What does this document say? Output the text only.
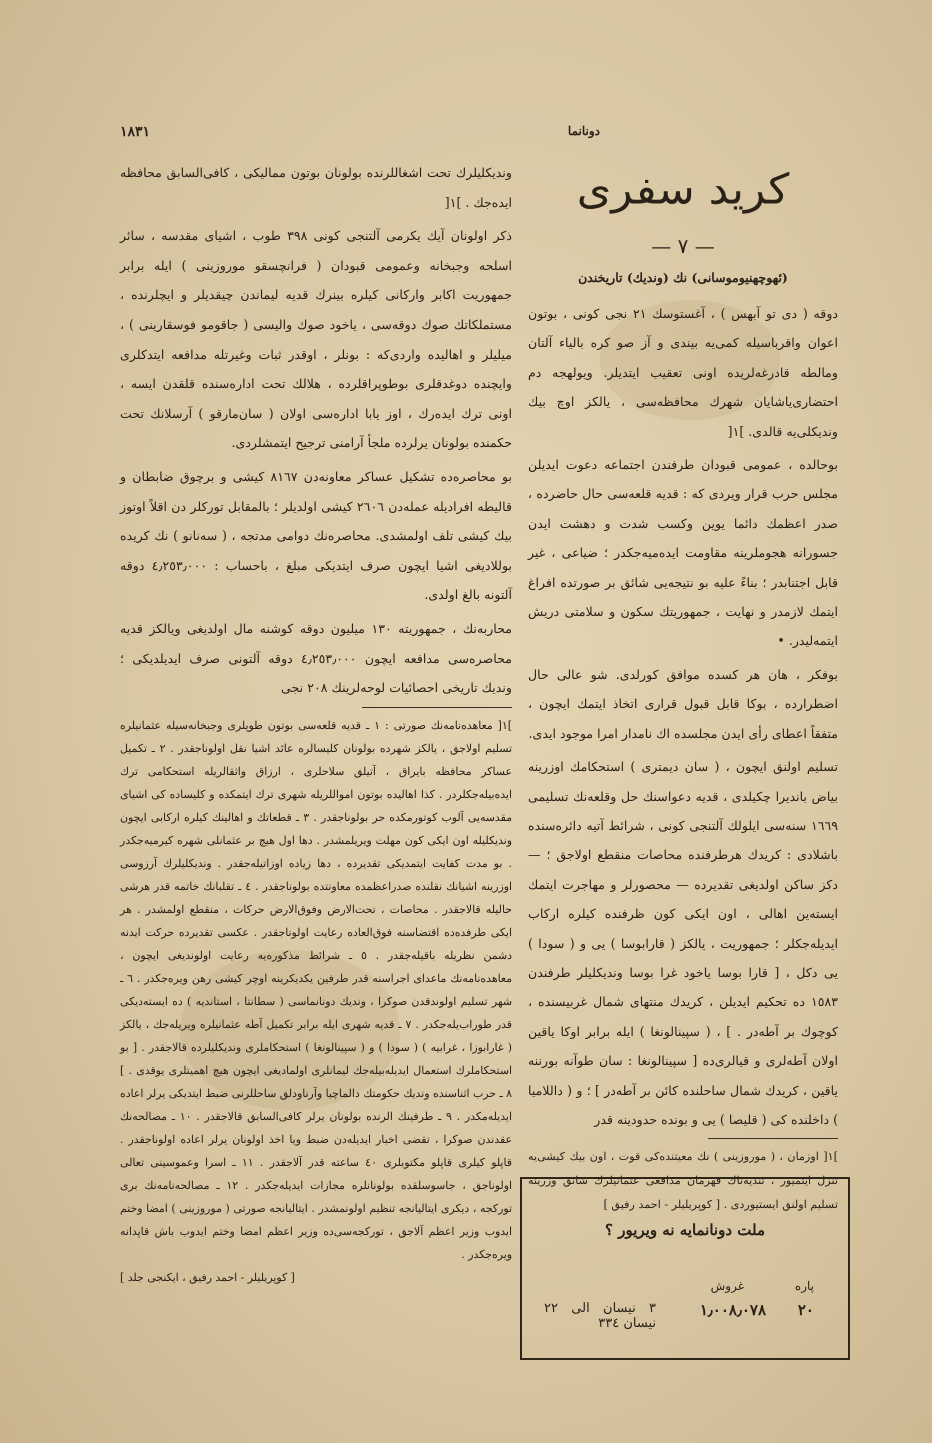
١٨٣١	دونانما
کرید سفری
— ٧ —
(ئهوچهنیوموسانی) نك (ونديك) تاریخندن

دوقه ( دی تو آبهس ) ، آغستوسك ٢١ نجی کونی ، بوتون اعوان واقرباسیله کمی‌یه بیندی و آز صو کره بالیاء آلتان ومالطه قادرغه‌لریده اونی تعقیب ایتدیلر. ویولهجه دم احتضاری‌یاشایان شهرك محافظه‌سی ، یالکز اوچ بیك ونديكلی‌یه قالدی. ]١[

بوحالده ، عمومی قبودان طرفندن اجتماعه دعوت ایدیلن مجلس حرب قرار ویردی که : قدیه قلعه‌سی حال حاضرده ، صدر اعظمك دائما یوین وکسب شدت و دهشت ایدن جسورانه هجوملرینه مقاومت ایده‌میه‌جکدر ؛ ضیاعی ، غیر قابل اجتنابدر ؛ بناءً علیه بو نتیجه‌یی شائق بر صورتده افراغ ایتمك لازمدر و نهایت ، جمهوریتك سکون و سلامتی دریش ایتمه‌لیدر. •

بوفکر ، هان هر کسده موافق کورلدی. شو عالی حال اضطرارده ، بوکا قابل قبول قراری اتخاذ ایتمك ایچون ، متفقاً اعطای رأی ایدن مجلسده اك نامدار امرا موجود ایدی.

تسلیم اولنق ایچون ، ( سان دیمتری ) استحکامك اوزرینه بیاض باندیرا چکیلدی ، قدیه دعواسنك حل وقلعه‌نك تسلیمی ١٦٦٩ سنه‌سی ایلولك آلتنجی کونی ، شرائط آتیه دائره‌سنده باشلادی : کریدك هرطرفنده محاصات منقطع اولاجق ؛ — دکز ساکن اولدیغی تقدیرده — محصورلر و مهاجرت ایتمك ایسته‌ین اهالی ، اون ایکی کون ظرفنده کیلره ارکاب ایدیله‌جکلر ؛ جمهوریت ، یالکز ( قارابوسا ) یی و ( سودا ) یی دکل ، [ قارا بوسا یاخود غرا بوسا وندیکلیلر طرفندن ١٥٨٣ ده تحکیم ایدیلن ، کریدك منتهای شمال غربیسنده ، کوچوك بر آطه‌در . ] ، ( سپینالونغا ) ایله برابر اوکا یاقین اولان آطه‌لری و قیالری‌ده [ سپینالونغا : سان طوآنه بورننه یاقین ، کریدك شمال ساحلنده کائن بر آطه‌در ] ؛ و ( داللامیا ) داخلنده کی ( قلیصا ) یی و بونده حدودینه قدر

]١[ اوزمان ، ( موروزینی ) نك معیتنده‌کی قوت ، اون بیك کیشی‌یه تنزل ایتمیور ، تندیه‌ناك قهرمان مدافعی عثمانیلرك شائق وزرینه تسلیم اولنق ایستیوردی . [ کوپریلیلر - احمد رفیق ]

ملت دونانمایه نه ویریور ؟
پاره
غروش
٢٠
١٫٠٠٨٫٠٧٨
٣ نیسان الی ٢٢ نیسان ٣٣٤

وندیکلیلرك تحت اشغاللرنده بولونان بوتون مماليکی ، کافی‌السابق محافظه ایده‌جك . ]١[

ذکر اولونان آیك یکرمی آلتنجی کونی ٣٩٨ طوب ، اشیای مقدسه ، سائر اسلحه وجبخانه وعمومی قبودان ( فرانچسقو موروزینی ) ایله برابر جمهوریت اکابر وارکانی کیلره بینرك قدیه لیماندن چیقدیلر و ایچلرنده ، مستملکاتك صوك دوقه‌سی ، یاخود صوك والیسی ( جاقومو فوسقارینی ) ، میلیلر و اهالیده واردی‌که : بونلر ، اوقدر ثبات وغیرتله مدافعه ایتدکلری وایچنده دوغدقلری بوطوپراقلرده ، هلالك تحت اداره‌سنده قلقدن ایسه ، اونی ترك ایده‌رك ، اوز یابا اداره‌سی اولان ( سان‌مارقو ) آرسلانك تحت حکمنده بولونان یرلرده ملجأ آرامنی ترجیح ایتمشلردی.

بو محاصره‌ده تشکیل عساکر معاونه‌دن ٨١٦٧ کیشی و برچوق ضابطان و قالیطه افرادیله عمله‌دن ٢٦٠٦ کیشی اولدیلر ؛ بالمقابل تورکلر دن اقلاً اوتوز بیك کیشی تلف اولمشدی. محاصره‌نك دوامی مدتجه ، ( سه‌نانو ) نك کریده بوللادیغی اشیا ایچون صرف ایتدیکی مبلغ ، باحساب : ٤٫٢٥٣٫٠٠٠ دوقه آلتونه بالغ اولدی.

محاربه‌نك ، جمهوریته ١٣٠ میلیون دوقه کوشنه مال اولدیغی ویالکز قدیه محاصره‌سی مدافعه ایچون ٤٫٢٥٣٫٠٠٠ دوقه آلتونی صرف ایدیلدیکی ؛ وندیك تاریخی احصائیات لوحه‌لرینك ٢٠٨ نجی

]١[ معاهده‌نامه‌نك صورتی : ١ ـ قدیه قلعه‌سی بوتون طوپلری وجبخانه‌سیله عثمانیلره تسلیم اولاجق ، یالکز شهرده بولونان کلیسالره عائد اشیا نقل اولوناجقدر . ٢ ـ تکمیل عساکر محافظه بایراق ، آتیلق سلاحلری ، ارزاق واثقالریله استحکامی ترك ایده‌بیله‌جکلردر . کذا اهالیده بوتون امواللریله شهری ترك ایتمکده و کلیساده کی اشیای مقدسه‌یی آلوب کوتورمکده حر بولوناجقدر . ٣ ـ قطعاتك و اهالینك کیلره ارکابی ایچون وندیکلیله اون ایکی کون مهلت ویریلمشدر . دها اول هیچ بر عثمانلی شهره کیرمیه‌جکدر . بو مدت کفایت ایتمدیکی تقدیرده ، دها زیاده اوزاتیله‌جقدر . وندیکلیلرك آرزوسی اوزرینه اشیانك نقلنده صدراعظمده معاونتده بولوناجقدر . ٤ ـ تقلبانك خاتمه قدر هرشی حالیله قالاجقدر . محاصات ، تحت‌الارض وفوق‌الارض حرکات ، منقطع اولمشدر . هر ایکی طرفده‌ده اقتضاسنه فوق‌العاده رعایت اولوناجقدر . عکسی تقدیرده حرکت ایدنه دشمن نظریله باقیله‌جقدر . ٥ ـ شرائط مذکوره‌یه رعایت اولوندیغی ایچون ، معاهده‌نامه‌نك ماعدای اجراسنه قدر طرفین یکدیکرینه اوچر کیشی رهن ویره‌جکدر . ٦ ـ شهر تسلیم اولوندقدن صوکرا ، وندیك دونانماسی ( سطانتا ، استاندیه ) ده ایسته‌دیکی قدر طوراب‌یله‌جکدر . ٧ ـ قدیه شهری ایله برابر تکمیل آطه عثمانیلره ویریله‌جك ، یالکز ( غارابوزا ، غرابیه ) ( سودا ) و ( سپینالونغا ) استحکاملری وندیکلیلرده قالاجقدر . [ بو استحکاملرك استعمال ایدیله‌بیله‌جك لیمانلری اولمادیغی ایچون هیچ اهمیتلری یوقدی . ] ٨ ـ حرب اثناسنده وندیك حکومتك دالماچیا وآرناودلق ساحللرنی ضبط ایتدیکی یرلر اعاده ایدیله‌مکدر . ٩ ـ طرفینك الرنده بولونان یرلر کافی‌السابق قالاجقدر . ١٠ ـ مصالحه‌نك عقدندن صوکرا ، تقضی اخبار ایدیله‌دن ضبط ویا اخذ اولونان یرلر اعاده اولوناجقدر . قاپلو کیلری قاپلو مکتوبلری ٤٠ ساعته قدر آلاجقدر . ١١ ـ اسرا وعموسینی تعالی اولوناجق ، جاسوسلقده بولونانلره مجازات ایدیله‌جکدر . ١٢ ـ مصالحه‌نامه‌نك بری تورکجه ، دیکری ایتالیانجه تنظیم اولونمشدر . ایتالیانجه صورتی ( موروزینی ) امضا وختم ایدوب وزیر اعظم آلاجق ، تورکجه‌سی‌ده وزیر اعظم امضا وختم ایدوب باش قاپدانه ویره‌جکدر .

[ کوپریلیلر - احمد رفیق ، ایکنجی جلد ]
